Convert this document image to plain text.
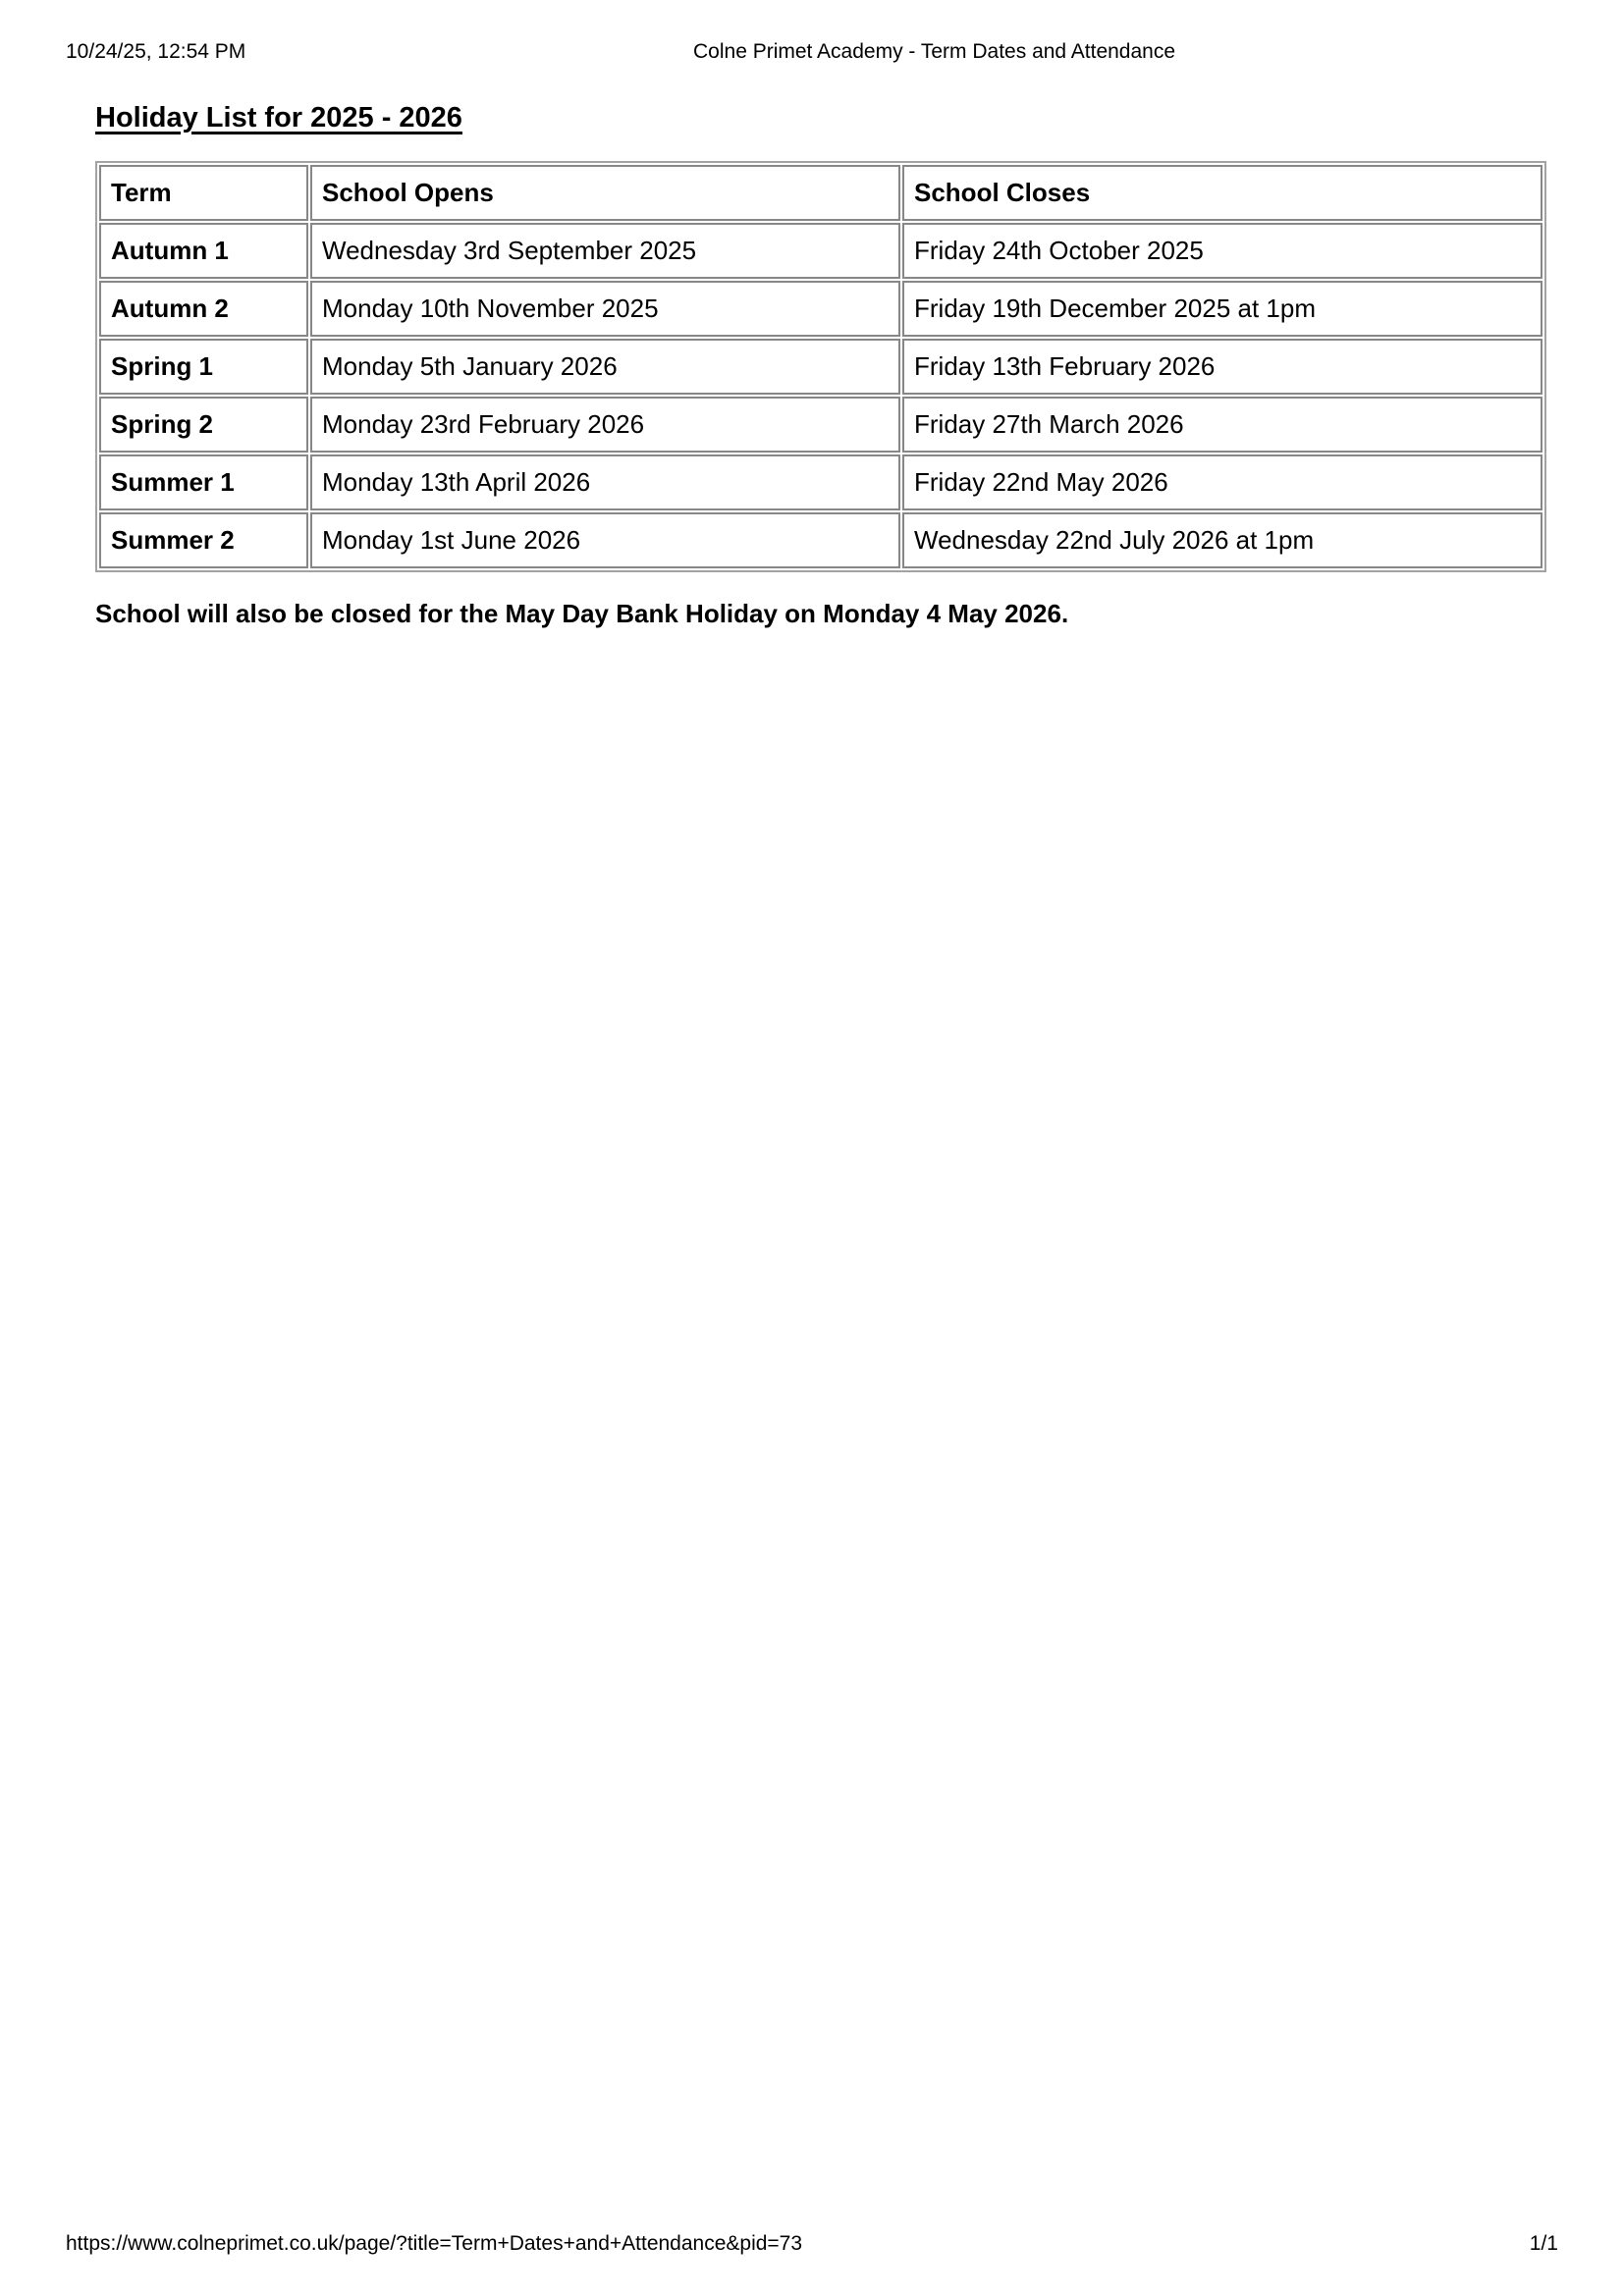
10/24/25, 12:54 PM	Colne Primet Academy - Term Dates and Attendance
Holiday List for 2025 - 2026
Term	School Opens	School Closes
Autumn 1	Wednesday 3rd September 2025	Friday 24th October 2025
Autumn 2	Monday 10th November 2025	Friday 19th December 2025 at 1pm
Spring 1	Monday 5th January 2026	Friday 13th February 2026
Spring 2	Monday 23rd February 2026	Friday 27th March 2026
Summer 1	Monday 13th April 2026	Friday 22nd May 2026
Summer 2	Monday 1st June 2026	Wednesday 22nd July 2026 at 1pm
School will also be closed for the May Day Bank Holiday on Monday 4 May 2026.
https://www.colneprimet.co.uk/page/?title=Term+Dates+and+Attendance&pid=73	1/1
